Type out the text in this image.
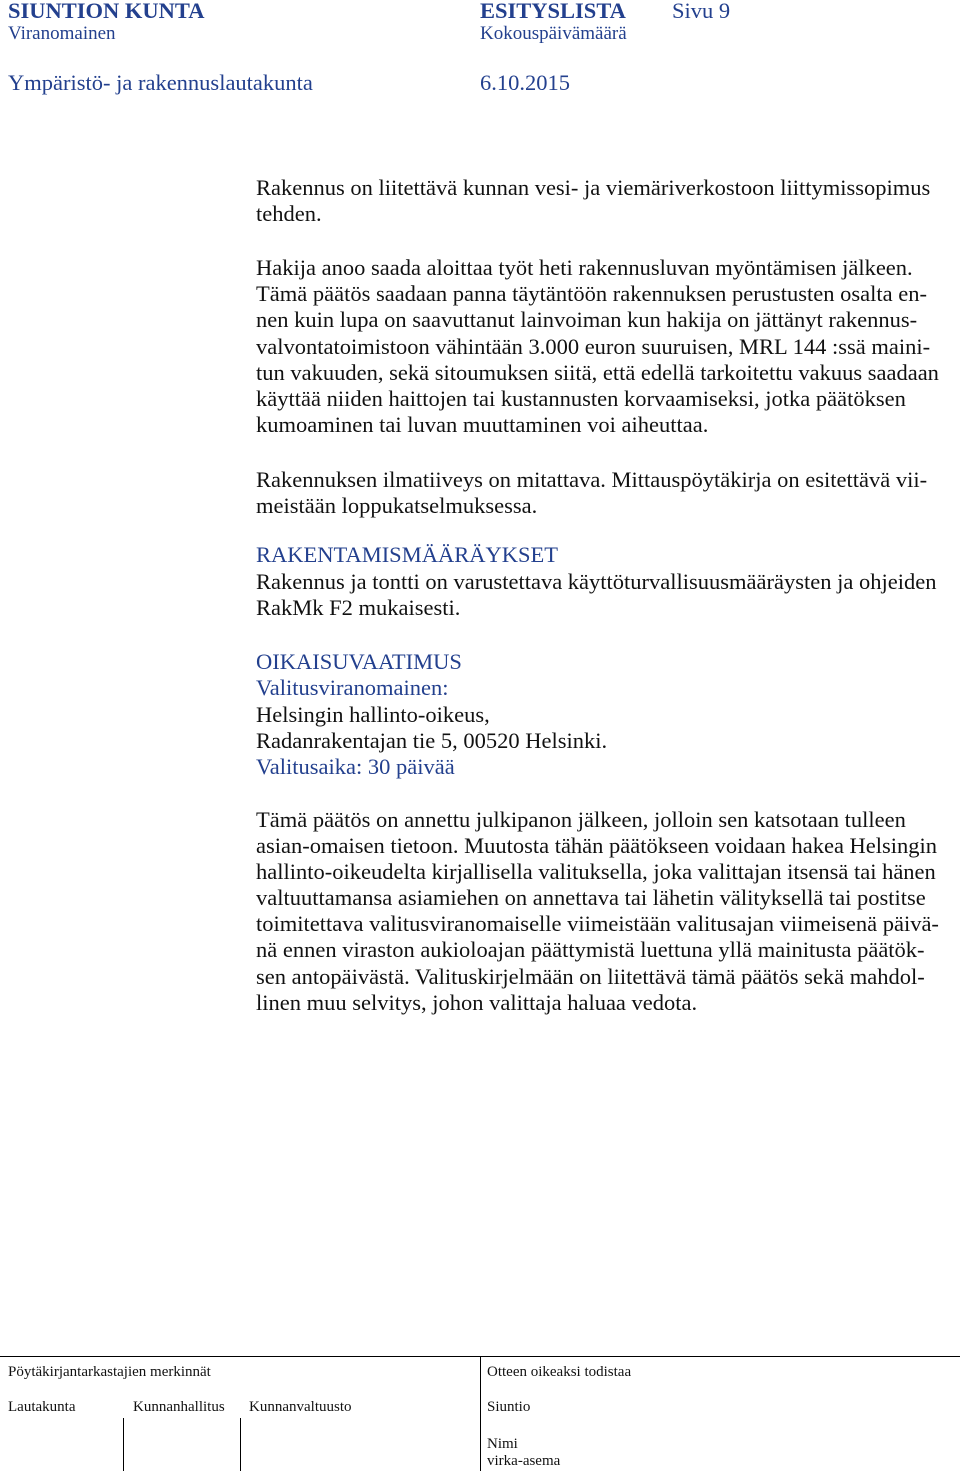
SIUNTION KUNTA	ESITYSLISTA Sivu 9
Viranomainen	Kokouspäivämäärä
Ympäristö- ja rakennuslautakunta	6.10.2015
Rakennus on liitettävä kunnan vesi- ja viemäriverkostoon liittymissopimus
tehden.
Hakija anoo saada aloittaa työt heti rakennusluvan myöntämisen jälkeen.
Tämä päätös saadaan panna täytäntöön rakennuksen perustusten osalta en-
nen kuin lupa on saavuttanut lainvoiman kun hakija on jättänyt rakennus-
valvontatoimistoon vähintään 3.000 euron suuruisen, MRL 144 :ssä maini-
tun vakuuden, sekä sitoumuksen siitä, että edellä tarkoitettu vakuus saadaan
käyttää niiden haittojen tai kustannusten korvaamiseksi, jotka päätöksen
kumoaminen tai luvan muuttaminen voi aiheuttaa.
Rakennuksen ilmatiiveys on mitattava. Mittauspöytäkirja on esitettävä vii-
meistään loppukatselmuksessa.
RAKENTAMISMÄÄRÄYKSET
Rakennus ja tontti on varustettava käyttöturvallisuusmääräysten ja ohjeiden
RakMk F2 mukaisesti.
OIKAISUVAATIMUS
Valitusviranomainen:
Helsingin hallinto-oikeus,
Radanrakentajan tie 5, 00520 Helsinki.
Valitusaika: 30 päivää
Tämä päätös on annettu julkipanon jälkeen, jolloin sen katsotaan tulleen
asian-omaisen tietoon. Muutosta tähän päätökseen voidaan hakea Helsingin
hallinto-oikeudelta kirjallisella valituksella, joka valittajan itsensä tai hänen
valtuuttamansa asiamiehen on annettava tai lähetin välityksellä tai postitse
toimitettava valitusviranomaiselle viimeistään valitusajan viimeisenä päivä-
nä ennen viraston aukioloajan päättymistä luettuna yllä mainitusta päätök-
sen antopäivästä. Valituskirjelmään on liitettävä tämä päätös sekä mahdol-
linen muu selvitys, johon valittaja haluaa vedota.
Pöytäkirjantarkastajien merkinnät	Otteen oikeaksi todistaa
Lautakunta	Kunnanhallitus Kunnanvaltuusto	Siuntio
Nimi
virka-asema
